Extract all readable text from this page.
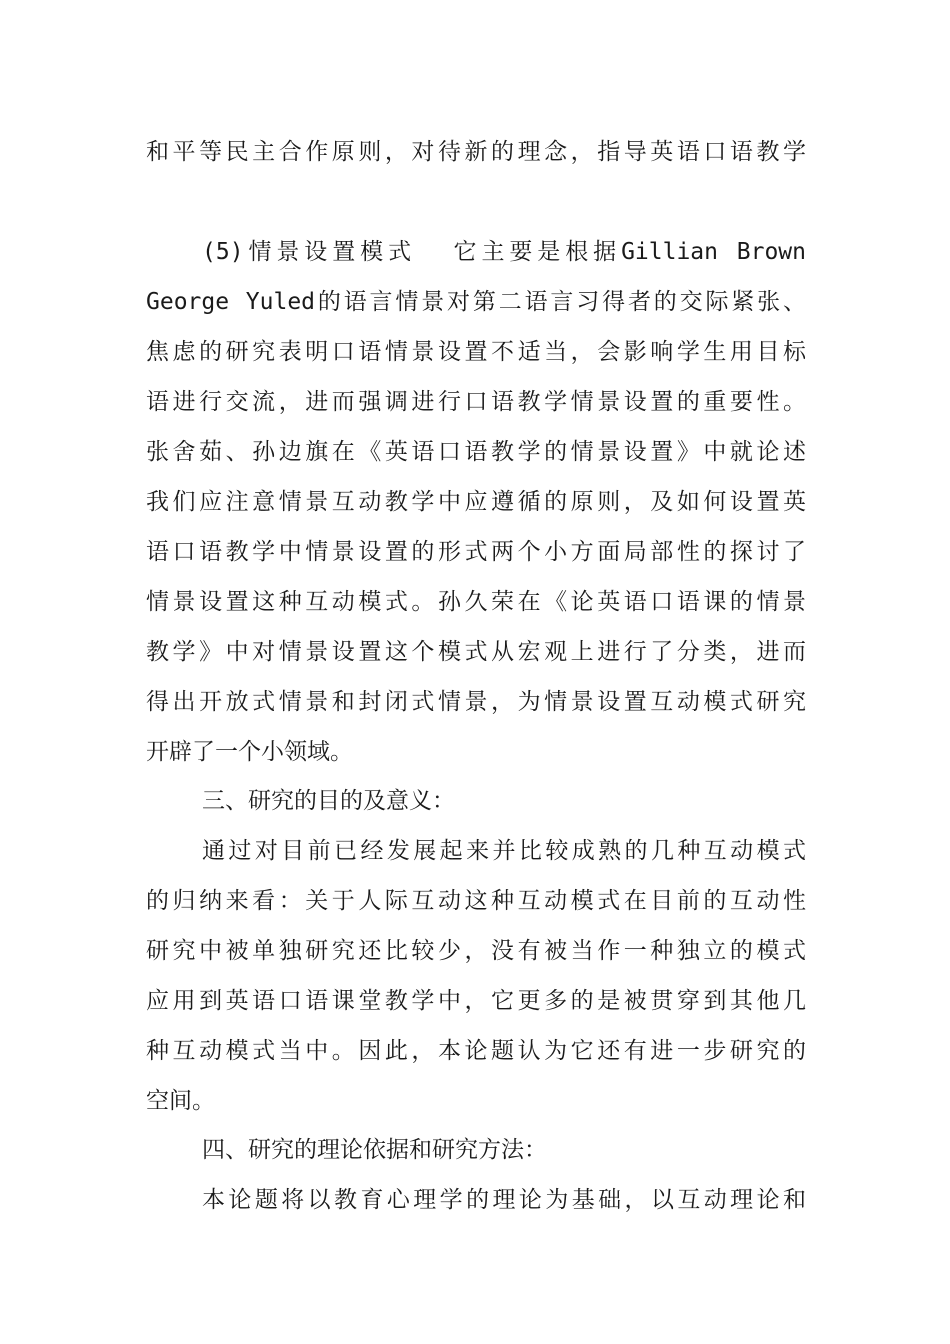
和平等民主合作原则，对待新的理念，指导英语口语教学
(5)情景设置模式  它主要是根据Gillian Brown
George Yuled的语言情景对第二语言习得者的交际紧张、
焦虑的研究表明口语情景设置不适当，会影响学生用目标
语进行交流，进而强调进行口语教学情景设置的重要性。
张舍茹、孙边旗在《英语口语教学的情景设置》中就论述
我们应注意情景互动教学中应遵循的原则，及如何设置英
语口语教学中情景设置的形式两个小方面局部性的探讨了
情景设置这种互动模式。孙久荣在《论英语口语课的情景
教学》中对情景设置这个模式从宏观上进行了分类，进而
得出开放式情景和封闭式情景，为情景设置互动模式研究
开辟了一个小领域。
三、研究的目的及意义：
通过对目前已经发展起来并比较成熟的几种互动模式
的归纳来看：关于人际互动这种互动模式在目前的互动性
研究中被单独研究还比较少，没有被当作一种独立的模式
应用到英语口语课堂教学中，它更多的是被贯穿到其他几
种互动模式当中。因此，本论题认为它还有进一步研究的
空间。
四、研究的理论依据和研究方法：
本论题将以教育心理学的理论为基础，以互动理论和
